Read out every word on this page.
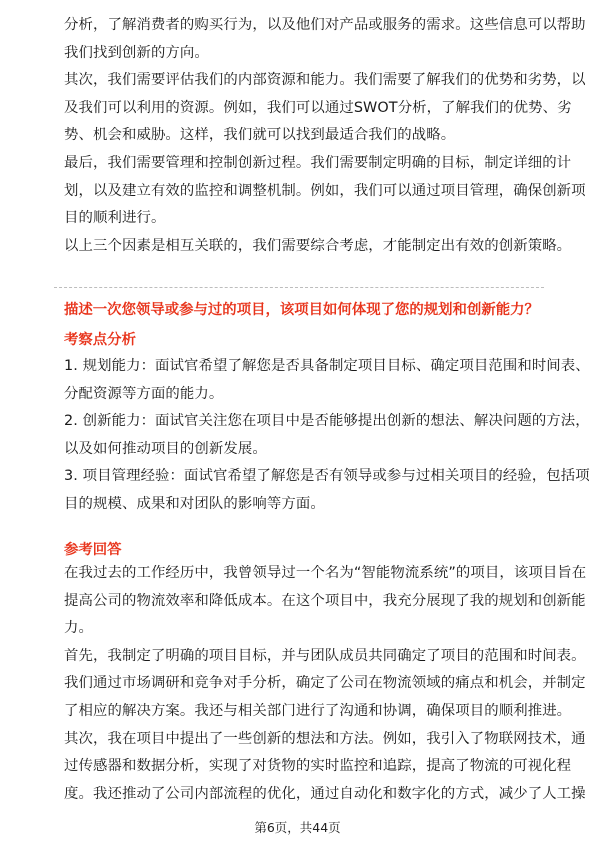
分析，了解消费者的购买行为，以及他们对产品或服务的需求。这些信息可以帮助

我们找到创新的方向。

其次，我们需要评估我们的内部资源和能力。我们需要了解我们的优势和劣势，以

及我们可以利用的资源。例如，我们可以通过SWOT分析，了解我们的优势、劣

势、机会和威胁。这样，我们就可以找到最适合我们的战略。

最后，我们需要管理和控制创新过程。我们需要制定明确的目标，制定详细的计

划，以及建立有效的监控和调整机制。例如，我们可以通过项目管理，确保创新项

目的顺利进行。

以上三个因素是相互关联的，我们需要综合考虑，才能制定出有效的创新策略。

描述一次您领导或参与过的项目，该项目如何体现了您的规划和创新能力？
考察点分析

1. 规划能力：面试官希望了解您是否具备制定项目目标、确定项目范围和时间表、

分配资源等方面的能力。

2. 创新能力：面试官关注您在项目中是否能够提出创新的想法、解决问题的方法，

以及如何推动项目的创新发展。

3. 项目管理经验：面试官希望了解您是否有领导或参与过相关项目的经验，包括项

目的规模、成果和对团队的影响等方面。

参考回答

在我过去的工作经历中，我曾领导过一个名为“智能物流系统”的项目，该项目旨在

提高公司的物流效率和降低成本。在这个项目中，我充分展现了我的规划和创新能

力。

首先，我制定了明确的项目目标，并与团队成员共同确定了项目的范围和时间表。

我们通过市场调研和竞争对手分析，确定了公司在物流领域的痛点和机会，并制定

了相应的解决方案。我还与相关部门进行了沟通和协调，确保项目的顺利推进。

其次，我在项目中提出了一些创新的想法和方法。例如，我引入了物联网技术，通

过传感器和数据分析，实现了对货物的实时监控和追踪，提高了物流的可视化程

度。我还推动了公司内部流程的优化，通过自动化和数字化的方式，减少了人工操

第6页，共44页
